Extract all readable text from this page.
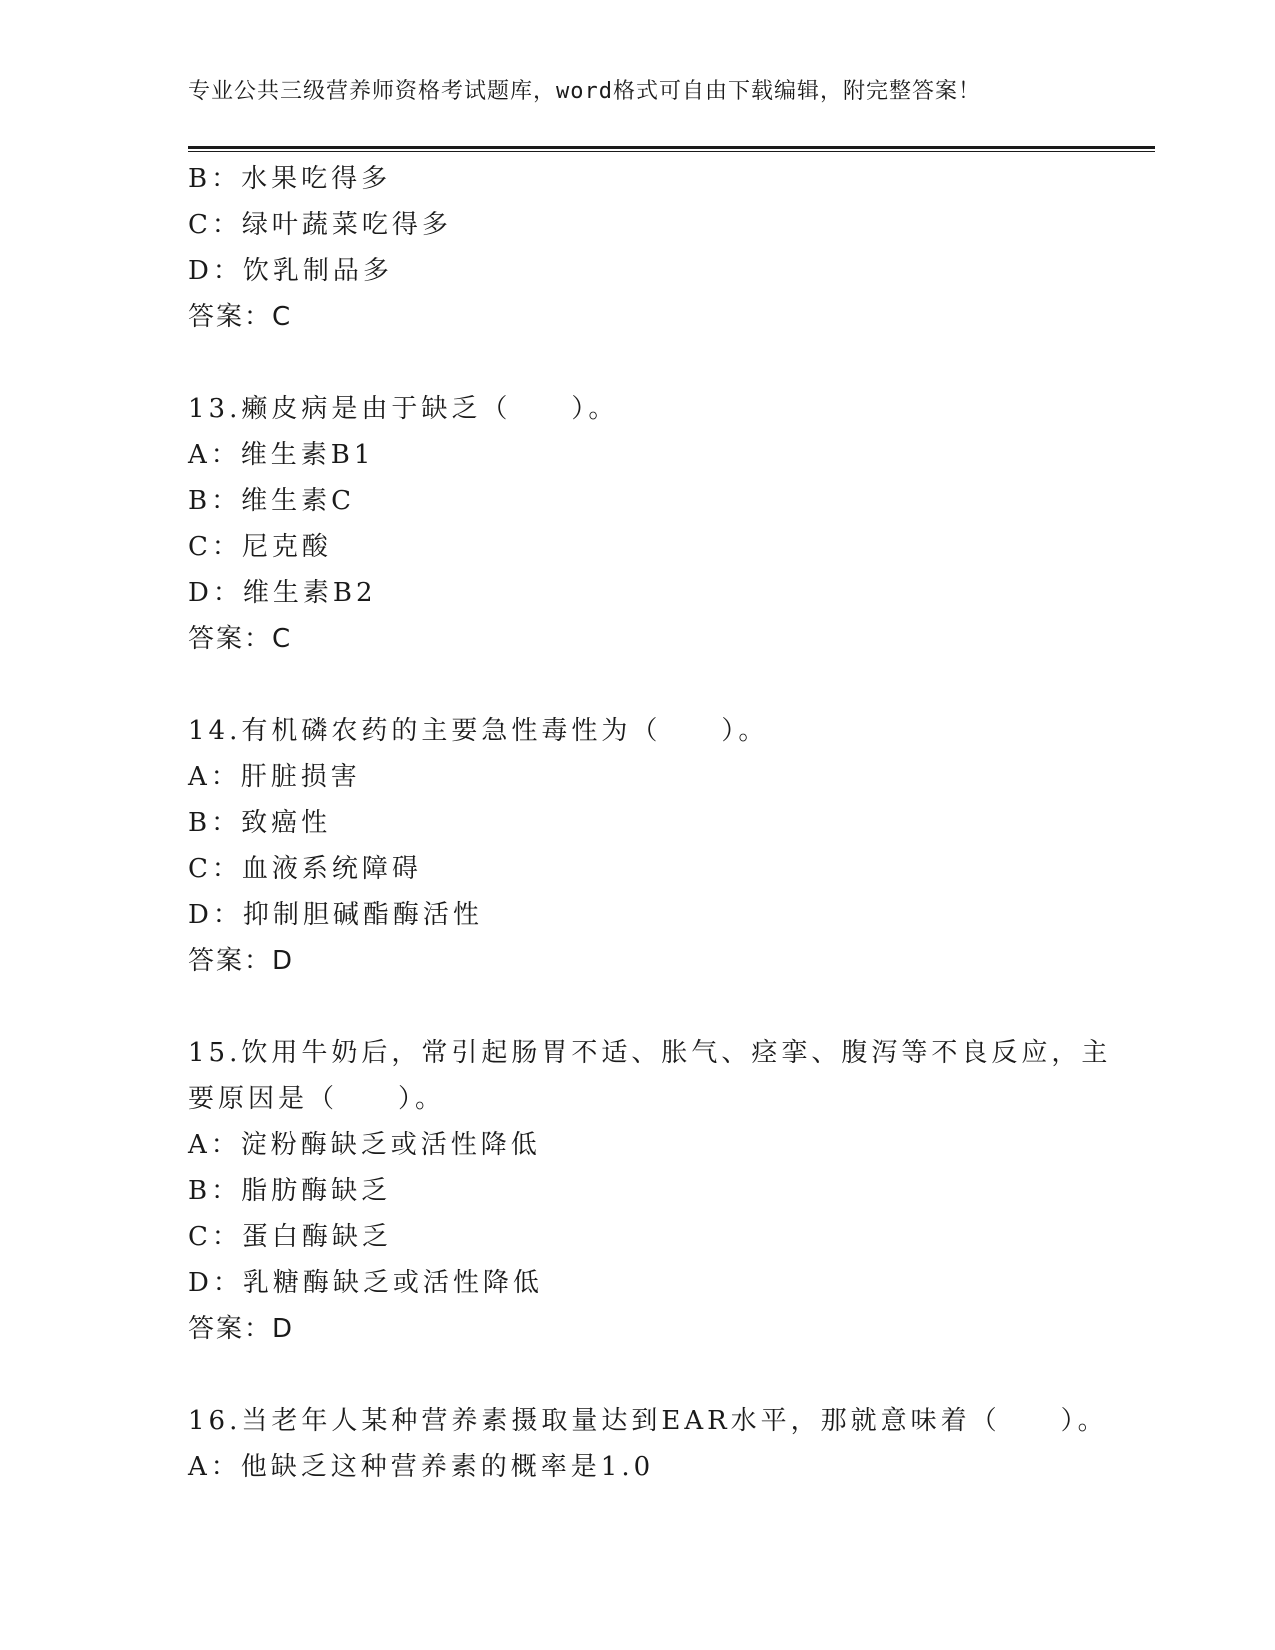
专业公共三级营养师资格考试题库，word格式可自由下载编辑，附完整答案！
B：水果吃得多
C：绿叶蔬菜吃得多
D：饮乳制品多
答案：C
13.癞皮病是由于缺乏（　　）。
A：维生素B1
B：维生素C
C：尼克酸
D：维生素B2
答案：C
14.有机磷农药的主要急性毒性为（　　）。
A：肝脏损害
B：致癌性
C：血液系统障碍
D：抑制胆碱酯酶活性
答案：D
15.饮用牛奶后，常引起肠胃不适、胀气、痉挛、腹泻等不良反应，主
要原因是（　　）。
A：淀粉酶缺乏或活性降低
B：脂肪酶缺乏
C：蛋白酶缺乏
D：乳糖酶缺乏或活性降低
答案：D
16.当老年人某种营养素摄取量达到EAR水平，那就意味着（　　）。
A：他缺乏这种营养素的概率是1.0
